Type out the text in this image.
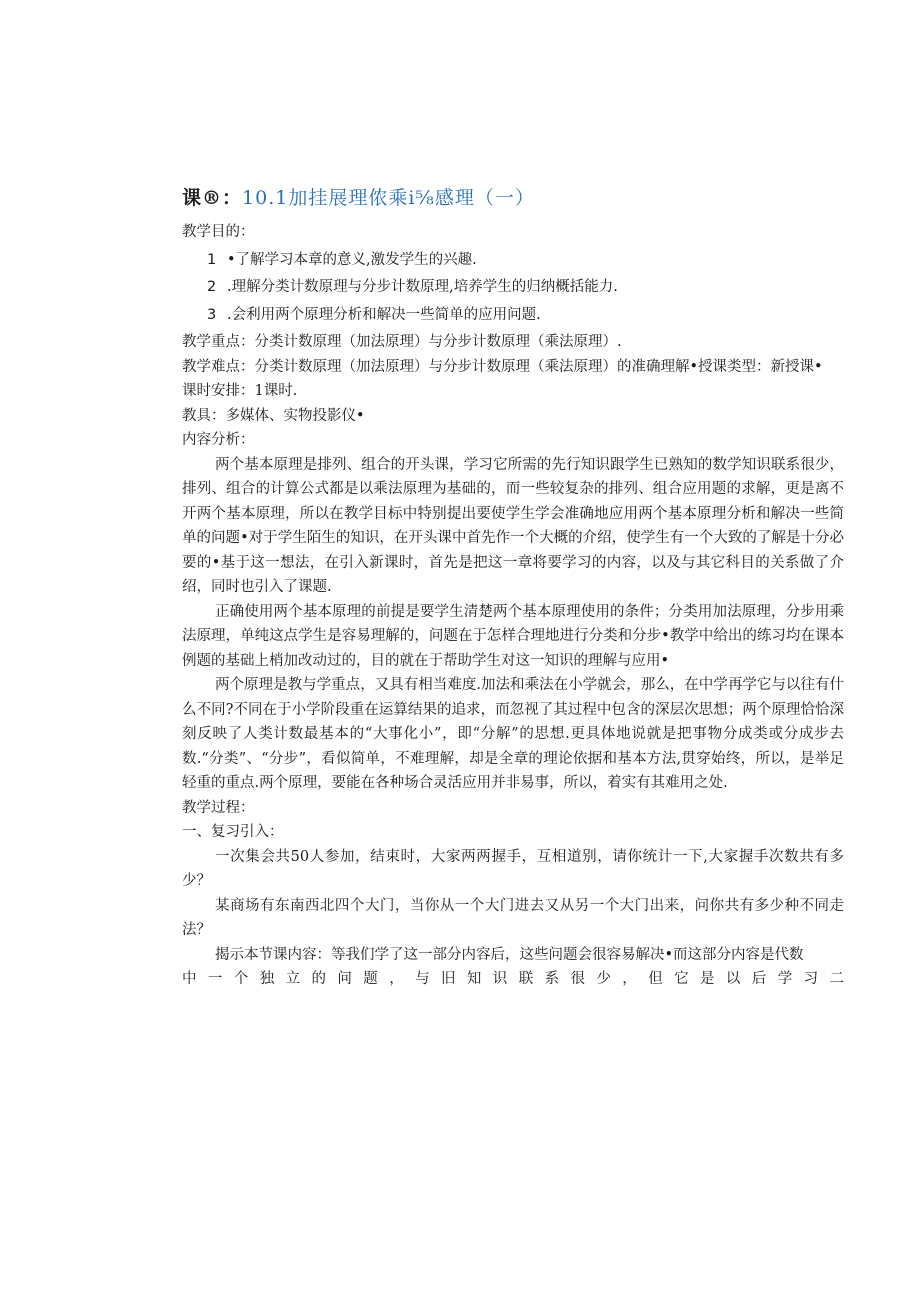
课®：10.1加挂展理侬乘i⅝感理（一）

教学目的：

1 •了解学习本章的意义,激发学生的兴趣.

2 .理解分类计数原理与分步计数原理,培养学生的归纳概括能力.

3 .会利用两个原理分析和解决一些简单的应用问题.

教学重点：分类计数原理（加法原理）与分步计数原理（乘法原理）.

教学难点：分类计数原理（加法原理）与分步计数原理（乘法原理）的准确理解•授课类型：新授课•

课时安排：1课时.

教具：多媒体、实物投影仪•

内容分析：

两个基本原理是排列、组合的开头课，学习它所需的先行知识跟学生已熟知的数学知识联系很少，排列、组合的计算公式都是以乘法原理为基础的，而一些较复杂的排列、组合应用题的求解，更是离不开两个基本原理，所以在教学目标中特别提出要使学生学会准确地应用两个基本原理分析和解决一些简单的问题•对于学生陌生的知识，在开头课中首先作一个大概的介绍，使学生有一个大致的了解是十分必要的•基于这一想法，在引入新课时，首先是把这一章将要学习的内容，以及与其它科目的关系做了介绍，同时也引入了课题.

正确使用两个基本原理的前提是要学生清楚两个基本原理使用的条件；分类用加法原理，分步用乘法原理，单纯这点学生是容易理解的，问题在于怎样合理地进行分类和分步•教学中给出的练习均在课本例题的基础上梢加改动过的，目的就在于帮助学生对这一知识的理解与应用•

两个原理是教与学重点，又具有相当难度.加法和乘法在小学就会，那么，在中学再学它与以往有什么不同?不同在于小学阶段重在运算结果的追求，而忽视了其过程中包含的深层次思想；两个原理恰恰深刻反映了人类计数最基本的“大事化小”，即“分解”的思想.更具体地说就是把事物分成类或分成步去数.“分类”、“分步”，看似简单，不难理解，却是全章的理论依据和基本方法,贯穿始终，所以，是举足轻重的重点.两个原理，要能在各种场合灵活应用并非易事，所以，着实有其难用之处.

教学过程：

一、复习引入：

一次集会共50人参加，结束时，大家两两握手，互相道别，请你统计一下,大家握手次数共有多少？

某商场有东南西北四个大门，当你从一个大门进去又从另一个大门出来，问你共有多少种不同走法？

揭示本节课内容：等我们学了这一部分内容后，这些问题会很容易解决•而这部分内容是代数

中一个独立的问题，与旧知识联系很少，但它是以后学习二
